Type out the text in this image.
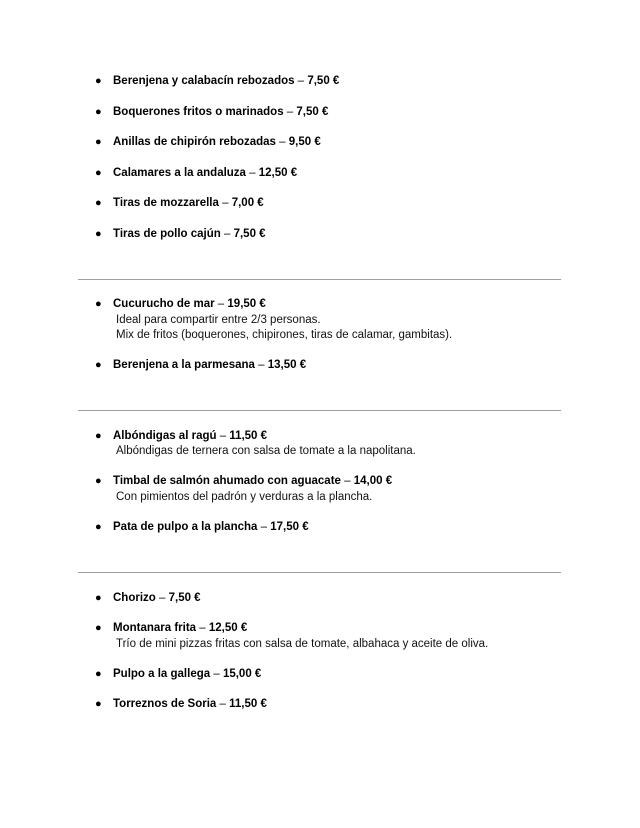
● Berenjena y calabacín rebozados – 7,50 €
● Boquerones fritos o marinados – 7,50 €
● Anillas de chipirón rebozadas – 9,50 €
● Calamares a la andaluza – 12,50 €
● Tiras de mozzarella – 7,00 €
● Tiras de pollo cajún – 7,50 €
● Cucurucho de mar – 19,50 €
Ideal para compartir entre 2/3 personas.
Mix de fritos (boquerones, chipirones, tiras de calamar, gambitas).
● Berenjena a la parmesana – 13,50 €
● Albóndigas al ragú – 11,50 €
Albóndigas de ternera con salsa de tomate a la napolitana.
● Timbal de salmón ahumado con aguacate – 14,00 €
Con pimientos del padrón y verduras a la plancha.
● Pata de pulpo a la plancha – 17,50 €
● Chorizo – 7,50 €
● Montanara frita – 12,50 €
Trío de mini pizzas fritas con salsa de tomate, albahaca y aceite de oliva.
● Pulpo a la gallega – 15,00 €
● Torreznos de Soria – 11,50 €
